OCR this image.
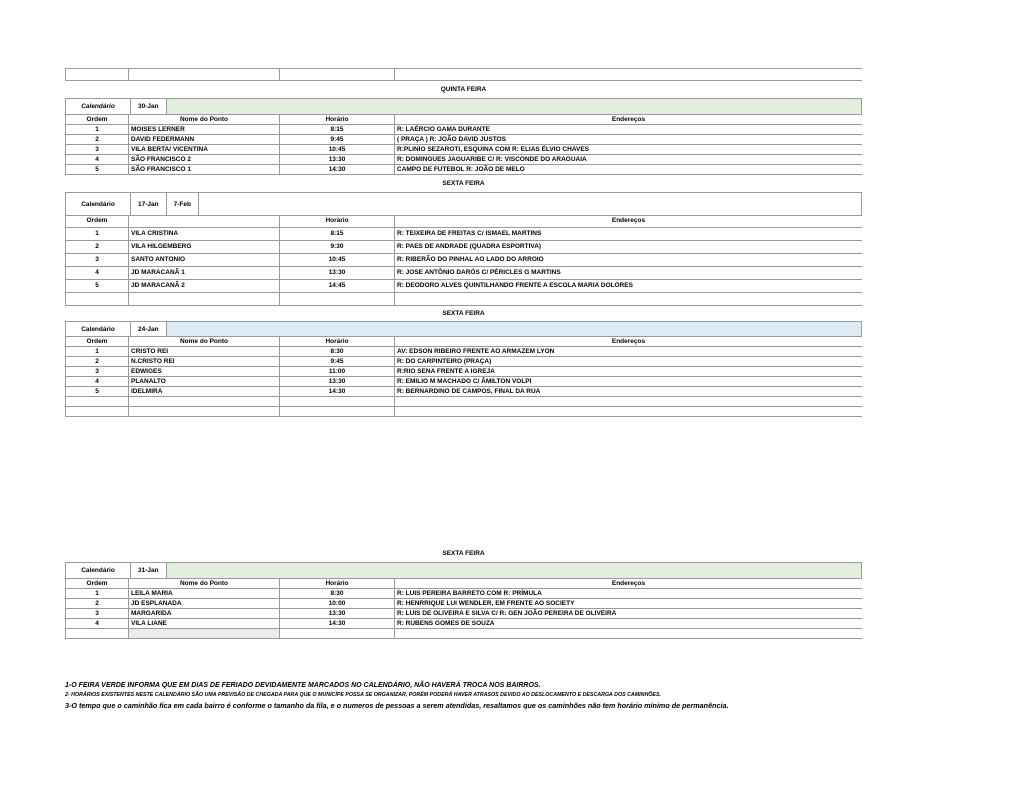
QUINTA FEIRA
Calendário	30-Jan
Ordem	Nome do Ponto	Horário	Endereços
1	MOISES LERNER	8:15	R: LAÉRCIO GAMA DURANTE
2	DAVID FEDERMANN	9:45	( PRAÇA ) R: JOÃO DAVID JUSTOS
3	VILA BERTA/ VICENTINA	10:45	R:PLINIO SEZAROTI, ESQUINA COM R: ELIAS ÉLVIO CHAVES
4	SÃO FRANCISCO 2	13:30	R: DOMINGUES JAGUARIBE C/ R: VISCONDE DO ARAGUAIA
5	SÃO FRANCISCO 1	14:30	CAMPO DE FUTEBOL R: JOÃO DE MELO
SEXTA FEIRA
Calendário	17-Jan	7-Feb
Ordem		Horário	Endereços
1	VILA CRISTINA	8:15	R: TEIXEIRA DE FREITAS C/ ISMAEL MARTINS
2	VILA HILGEMBERG	9:30	R: PAES DE ANDRADE (QUADRA ESPORTIVA)
3	SANTO ANTONIO	10:45	R: RIBERÃO DO PINHAL AO LADO DO ARROIO
4	JD MARACANÃ 1	13:30	R: JOSE ANTÔNIO DARÓS C/ PÉRICLES G MARTINS
5	JD MARACANÃ 2	14:45	R: DEODORO ALVES QUINTILHANDO FRENTE A ESCOLA MARIA DOLORES

SEXTA FEIRA
Calendário	24-Jan
Ordem	Nome do Ponto	Horário	Endereços
1	CRISTO REI	8:30	AV: EDSON RIBEIRO FRENTE AO ARMAZEM LYON
2	N.CRISTO REI	9:45	R: DO CARPINTEIRO (PRAÇA)
3	EDWIGES	11:00	R:RIO SENA FRENTE A IGREJA
4	PLANALTO	13:30	R: EMILIO M MACHADO C/ ÂMILTON VOLPI
5	IDELMIRA	14:30	R: BERNARDINO DE CAMPOS, FINAL DA RUA

SEXTA FEIRA
Calendário	31-Jan
Ordem	Nome do Ponto	Horário	Endereços
1	LEILA MARIA	8:30	R: LUIS PEREIRA BARRETO COM R: PRÍMULA
2	JD ESPLANADA	10:00	R: HENRRIQUE LUI WENDLER, EM FRENTE AO SOCIETY
3	MARGARIDA	13:30	R: LUIS DE OLIVEIRA E SILVA C/ R: GEN JOÃO PEREIRA DE OLIVEIRA
4	VILA LIANE	14:30	R: RUBENS GOMES DE SOUZA

1-O FEIRA VERDE INFORMA QUE EM DIAS DE FERIADO DEVIDAMENTE MARCADOS NO CALENDÁRIO, NÃO HAVERÁ TROCA NOS BAIRROS.
2- HORÁRIOS EXISTENTES NESTE CALENDÁRIO SÃO UMA PREVISÃO DE CHEGADA PARA QUE O MUNICÍPE POSSA SE ORGANIZAR, PORÉM PODERÁ HAVER ATRASOS DEVIDO AO DESLOCAMENTO E DESCARGA DOS CAMINHÕES.
3-O tempo que o caminhão fica em cada bairro é conforme o tamanho da fila, e o numeros de pessoas a serem atendidas, resaltamos que os caminhões não tem horário mínimo de permanência.
